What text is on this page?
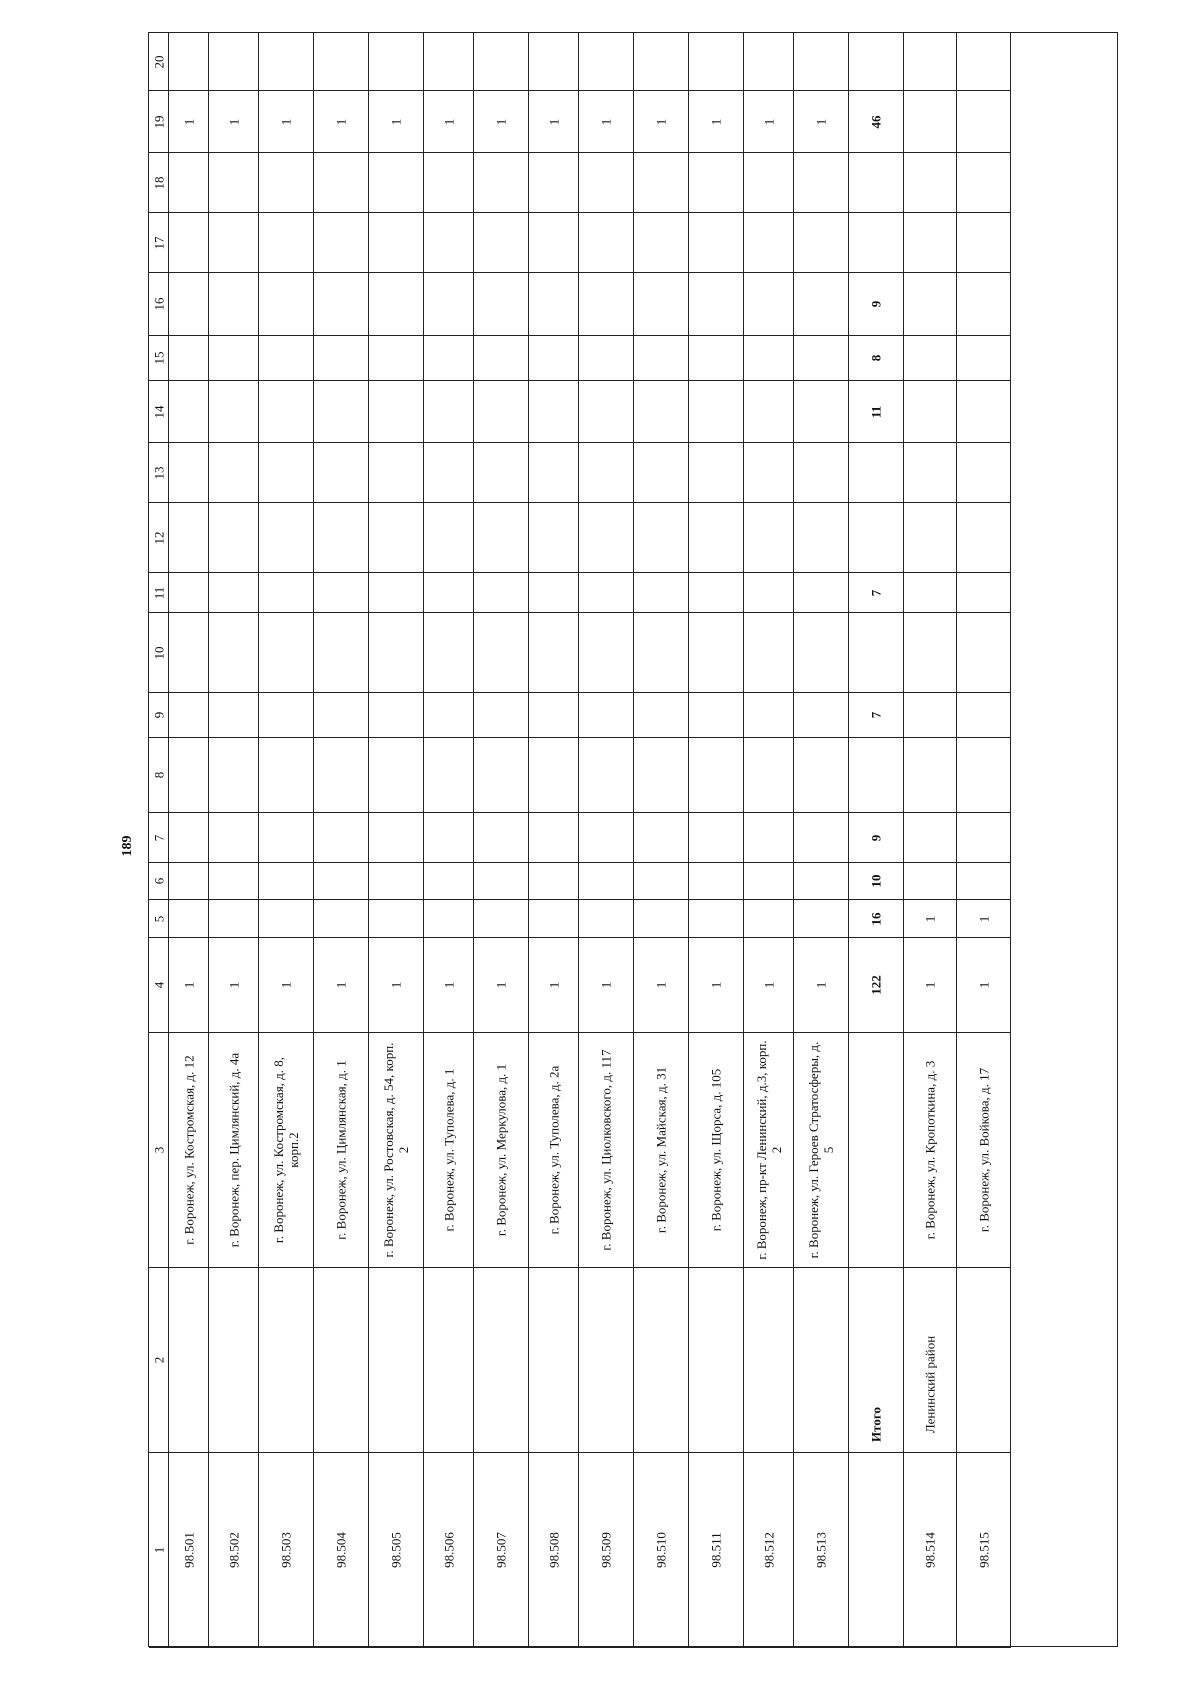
189
1
2
3
4
5
6
7
8
9
10
11
12
13
14
15
16
17
18
19
20
98.501
г. Воронеж, ул. Костромская, д. 12
1
1
98.502
г. Воронеж, пер. Цимлянский, д. 4а
1
1
98.503
г. Воронеж, ул. Костромская, д. 8, корп.2
1
1
98.504
г. Воронеж, ул. Цимлянская, д. 1
1
1
98.505
г. Воронеж, ул. Ростовская, д. 54, корп. 2
1
1
98.506
г. Воронеж, ул. Туполева, д. 1
1
1
98.507
г. Воронеж, ул. Меркулова, д. 1
1
1
98.508
г. Воронеж, ул. Туполева, д. 2а
1
1
98.509
г. Воронеж, ул. Циолковского, д. 117
1
1
98.510
г. Воронеж, ул. Майская, д. 31
1
1
98.511
г. Воронеж, ул. Щорса, д. 105
1
1
98.512
г. Воронеж, пр-кт Ленинский, д.3, корп. 2
1
1
98.513
г. Воронеж, ул. Героев Стратосферы, д. 5
1
1
Итого
122
16
10
9
7
7
11
8
9
46
98.514
Ленинский район
г. Воронеж, ул. Кропоткина, д. 3
1
1
98.515
г. Воронеж, ул. Войкова, д. 17
1
1
